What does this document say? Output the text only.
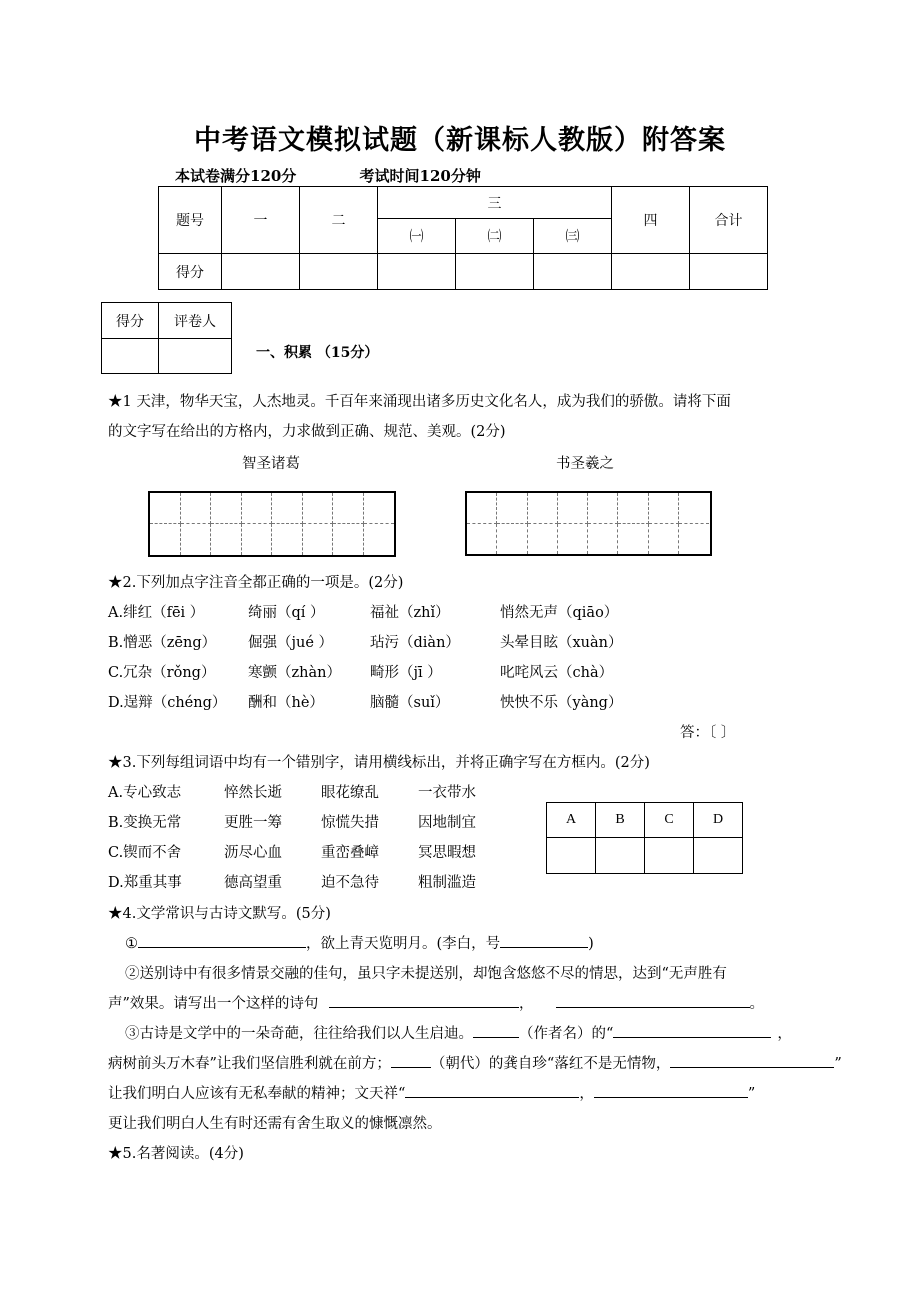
中考语文模拟试题（新课标人教版）附答案
本试卷满分120分	考试时间120分钟
题号	一	二	三			四	合计
			㈠	㈡	㈢		
得分							
得分	评卷人

一、积累 （15分）
★1 天津，物华天宝，人杰地灵。千百年来涌现出诸多历史文化名人，成为我们的骄傲。请将下面
的文字写在给出的方格内，力求做到正确、规范、美观。(2分)
智圣诸葛	书圣羲之
★2.下列加点字注音全都正确的一项是。(2分)
A.绯红（fēi ）	绮丽（qí ）	福祉（zhǐ）	悄然无声（qiāo）
B.憎恶（zēng） 倔强（jué ）	玷污（diàn）	头晕目眩（xuàn）
C.冗杂（rǒng） 寒颤（zhàn） 畸形（jī ）	叱咤风云（chà）
D.逞辩（chéng） 酬和（hè）	脑髓（suǐ）	怏怏不乐（yàng）
答：〔 〕
★3.下列每组词语中均有一个错别字，请用横线标出，并将正确字写在方框内。(2分)
A.专心致志	悴然长逝	眼花缭乱	一衣带水
B.变换无常	更胜一筹	惊慌失措	因地制宜
C.锲而不舍	沥尽心血	重峦叠嶂	冥思暇想
D.郑重其事	德高望重	迫不急待	粗制滥造
A	B	C	D

★4.文学常识与古诗文默写。(5分)
①	，欲上青天览明月。(李白，号	)
②送别诗中有很多情景交融的佳句，虽只字未提送别，却饱含悠悠不尽的情思，达到“无声胜有
声”效果。请写出一个这样的诗句	，	。
③古诗是文学中的一朵奇葩，往往给我们以人生启迪。	（作者名）的“	，
病树前头万木春”让我们坚信胜利就在前方；	（朝代）的龚自珍“落红不是无情物，	”
让我们明白人应该有无私奉献的精神；文天祥“	，	”
更让我们明白人生有时还需有舍生取义的慷慨凛然。
★5.名著阅读。(4分)
